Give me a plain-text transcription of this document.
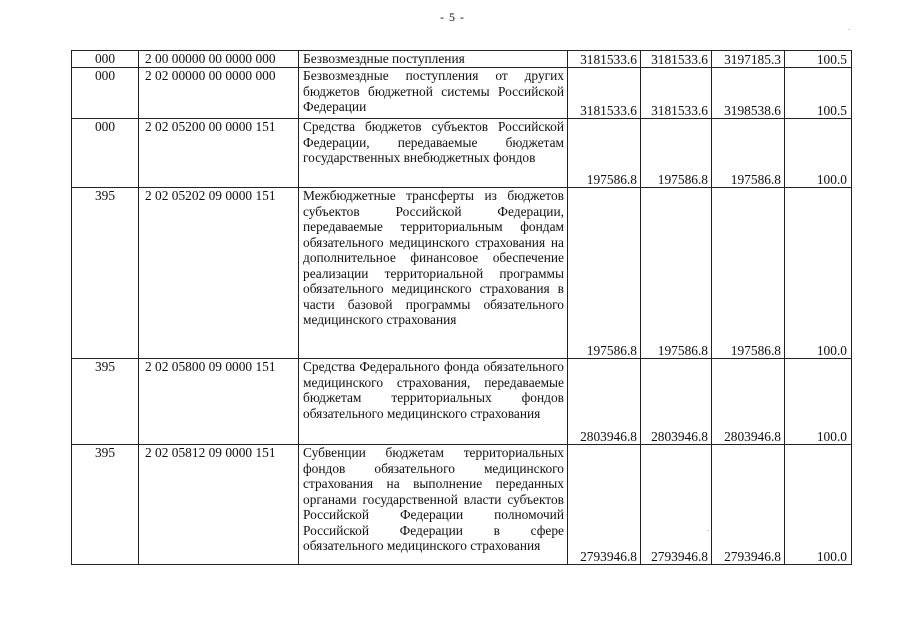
- 5 -
.
.
000	2 00 00000 00 0000 000	Безвозмездные поступления	3181533.6	3181533.6	3197185.3	100.5
000	2 02 00000 00 0000 000	Безвозмездные поступления от других бюджетов бюджетной системы Российской Федерации	3181533.6	3181533.6	3198538.6	100.5
000	2 02 05200 00 0000 151	Средства бюджетов субъектов Российской Федерации, передаваемые бюджетам государственных внебюджетных фондов	197586.8	197586.8	197586.8	100.0
395	2 02 05202 09 0000 151	Межбюджетные трансферты из бюджетов субъектов Российской Федерации, передаваемые территориальным фондам обязательного медицинского страхования на дополнительное финансовое обеспечение реализации территориальной программы обязательного медицинского страхования в части базовой программы обязательного медицинского страхования	197586.8	197586.8	197586.8	100.0
395	2 02 05800 09 0000 151	Средства Федерального фонда обязательного медицинского страхования, передаваемые бюджетам территориальных фондов обязательного медицинского страхования	2803946.8	2803946.8	2803946.8	100.0
395	2 02 05812 09 0000 151	Субвенции бюджетам территориальных фондов обязательного медицинского страхования на выполнение переданных органами государственной власти субъектов Российской Федерации полномочий Российской Федерации в сфере обязательного медицинского страхования	2793946.8	2793946.8	2793946.8	100.0
